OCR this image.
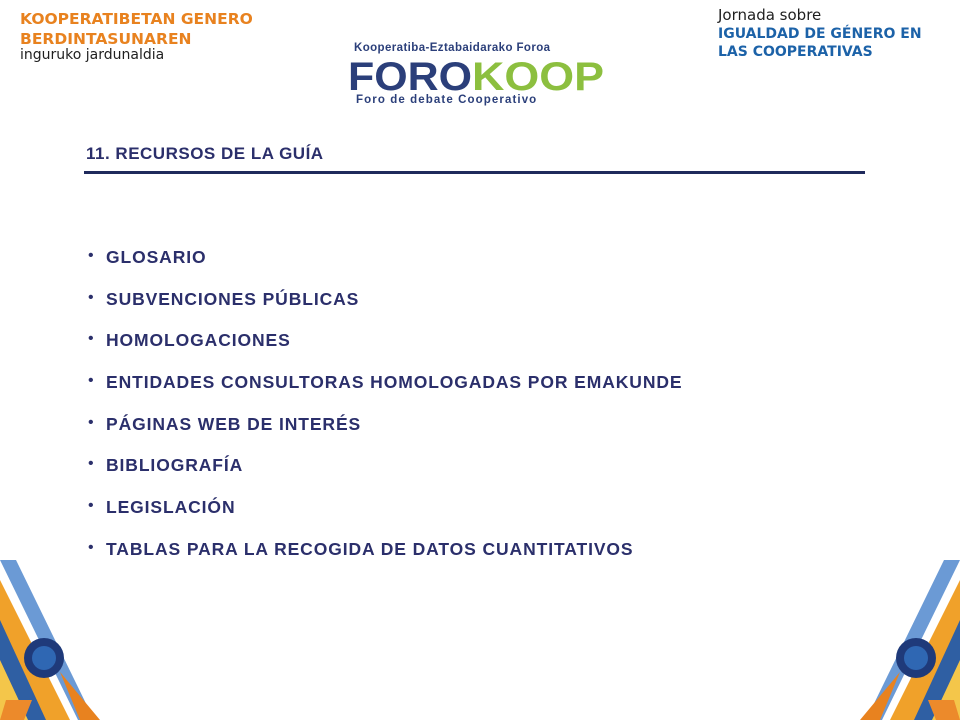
KOOPERATIBETAN GENERO
BERDINTASUNAREN
inguruko jardunaldia
Jornada sobre
IGUALDAD DE GÉNERO EN
LAS COOPERATIVAS
Kooperatiba-Eztabaidarako Foroa
FORO KOOP
Foro de debate Cooperativo
11. RECURSOS DE LA GUÍA
• GLOSARIO
• SUBVENCIONES PÚBLICAS
• HOMOLOGACIONES
• ENTIDADES CONSULTORAS HOMOLOGADAS POR EMAKUNDE
• PÁGINAS WEB DE INTERÉS
• BIBLIOGRAFÍA
• LEGISLACIÓN
• TABLAS PARA LA RECOGIDA DE DATOS CUANTITATIVOS
